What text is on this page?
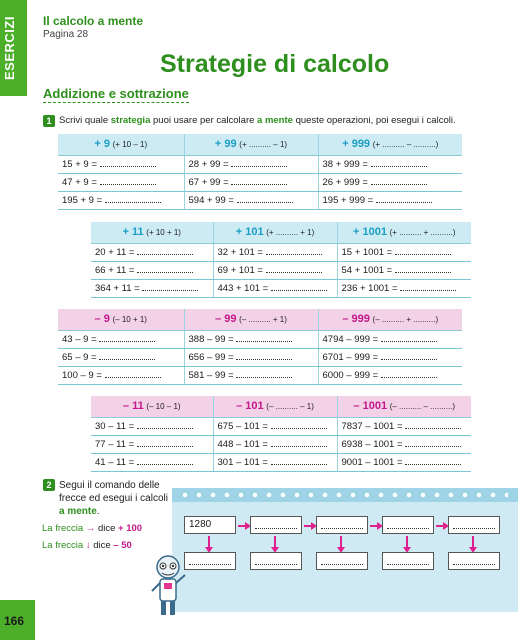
ESERCIZI	Il calcolo a mente
Pagina 28
Strategie di calcolo
Addizione e sottrazione
1 Scrivi quale strategia puoi usare per calcolare a mente queste operazioni, poi esegui i calcoli.
+ 9 (+ 10 – 1)	+ 99 (+ .......... – 1)	+ 999 (+ .......... – ..........)
15 + 9 =	28 + 99 =	38 + 999 =
47 + 9 =	67 + 99 =	26 + 999 =
195 + 9 =	594 + 99 =	195 + 999 =
+ 11 (+ 10 + 1)	+ 101 (+ .......... + 1)	+ 1001 (+ .......... + ..........)
20 + 11 =	32 + 101 =	15 + 1001 =
66 + 11 =	69 + 101 =	54 + 1001 =
364 + 11 =	443 + 101 =	236 + 1001 =
– 9 (– 10 + 1)	– 99 (– .......... + 1)	– 999 (– .......... + ..........)
43 – 9 =	388 – 99 =	4794 – 999 =
65 – 9 =	656 – 99 =	6701 – 999 =
100 – 9 =	581 – 99 =	6000 – 999 =
– 11 (– 10 – 1)	– 101 (– .......... – 1)	– 1001 (– .......... – ..........)
30 – 11 =	675 – 101 =	7837 – 1001 =
77 – 11 =	448 – 101 =	6938 – 1001 =
41 – 11 =	301 – 101 =	9001 – 1001 =
2 Segui il comando delle frecce ed esegui i calcoli a mente.
La freccia → dice + 100
La freccia ↓ dice – 50
1280
166
